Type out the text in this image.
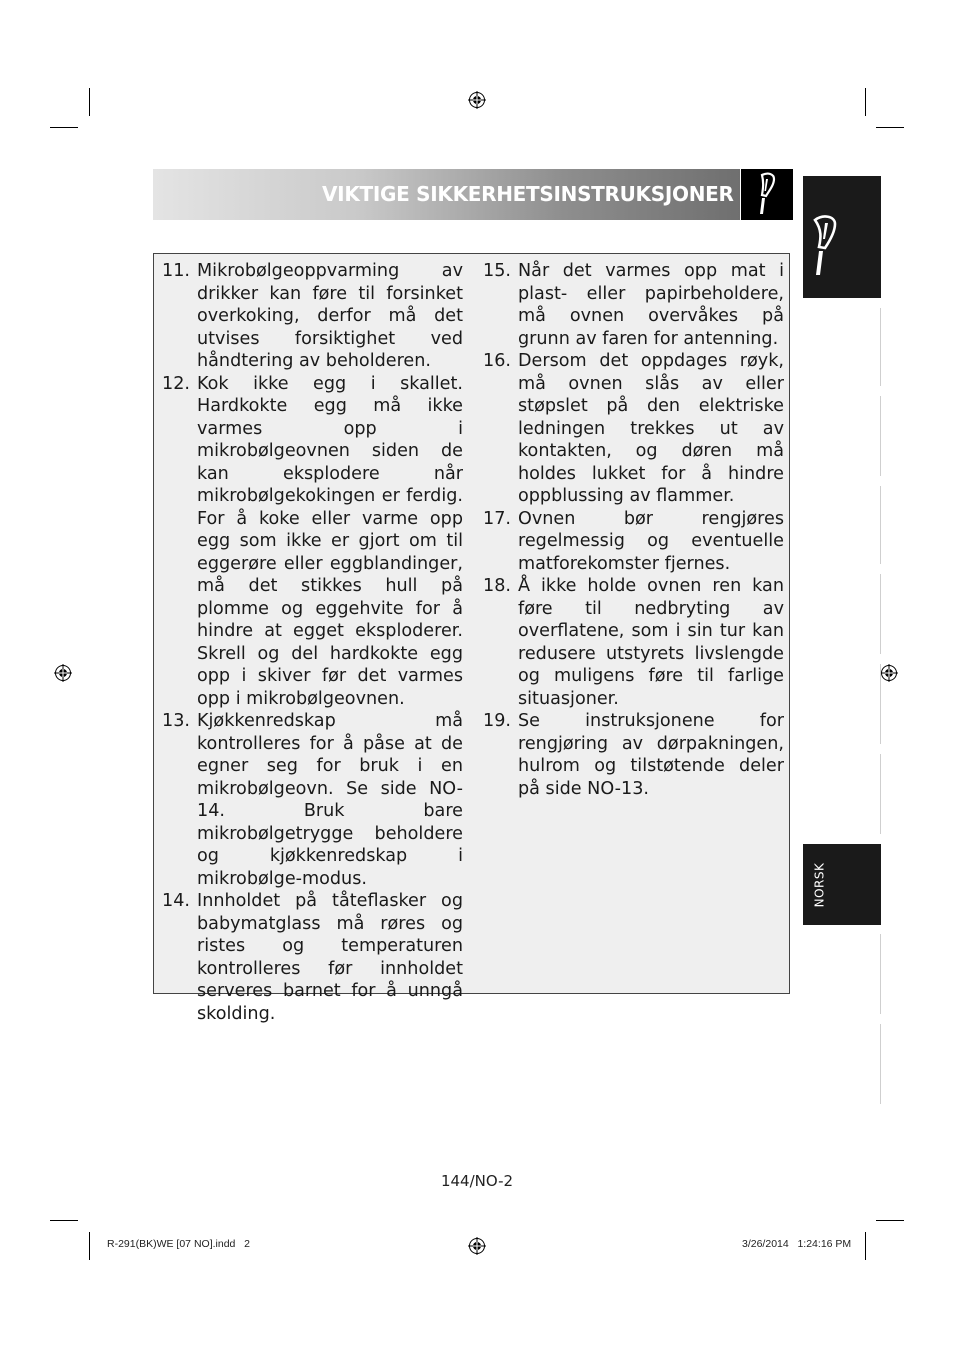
VIKTIGE SIKKERHETSINSTRUKSJONER
NORSK
11. Mikrobølgeoppvarming av drikker kan føre til forsinket overkoking, derfor må det utvises forsiktighet ved håndtering av beholderen.
12. Kok ikke egg i skallet. Hardkokte egg må ikke varmes opp i mikrobølgeovnen siden de kan eksplodere når mikrobølgekokingen er ferdig. For å koke eller varme opp egg som ikke er gjort om til eggerøre eller eggblandinger, må det stikkes hull på plomme og eggehvite for å hindre at egget eksploderer. Skrell og del hardkokte egg opp i skiver før det varmes opp i mikrobølgeovnen.
13. Kjøkkenredskap må kontrolleres for å påse at de egner seg for bruk i en mikrobølgeovn. Se side NO-14. Bruk bare mikrobølgetrygge beholdere og kjøkkenredskap i mikrobølge-modus.
14. Innholdet på tåteflasker og babymatglass må røres og ristes og temperaturen kontrolleres før innholdet serveres barnet for å unngå skolding.
15. Når det varmes opp mat i plast- eller papirbeholdere, må ovnen overvåkes på grunn av faren for antenning.
16. Dersom det oppdages røyk, må ovnen slås av eller støpslet på den elektriske ledningen trekkes ut av kontakten, og døren må holdes lukket for å hindre oppblussing av flammer.
17. Ovnen bør rengjøres regelmessig og eventuelle matforekomster fjernes.
18. Å ikke holde ovnen ren kan føre til nedbryting av overflatene, som i sin tur kan redusere utstyrets livslengde og muligens føre til farlige situasjoner.
19. Se instruksjonene for rengjøring av dørpakningen, hulrom og tilstøtende deler på side NO-13.
144/NO-2
R-291(BK)WE [07 NO].indd   2	3/26/2014   1:24:16 PM
